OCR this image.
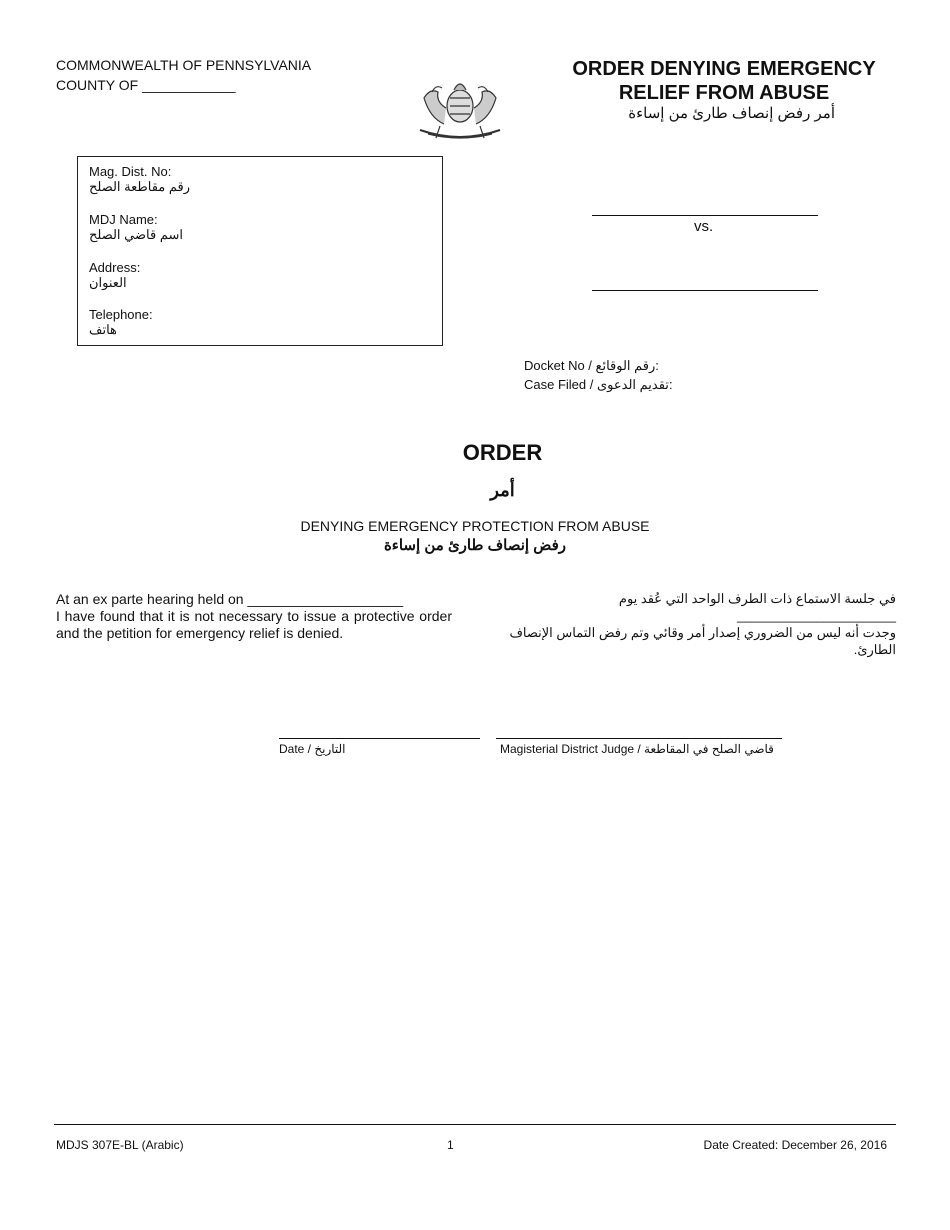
COMMONWEALTH OF PENNSYLVANIA
COUNTY OF ____________
ORDER DENYING EMERGENCY
RELIEF FROM ABUSE
أمر رفض إنصاف طارئ من إساءة
Mag. Dist. No:
رقم مقاطعة الصلح
MDJ Name:
اسم قاضي الصلح
Address:
العنوان
Telephone:
هاتف
vs.
Docket No / رقم الوقائع:
Case Filed / تقديم الدعوى:
ORDER
أمر
DENYING EMERGENCY PROTECTION FROM ABUSE
رفض إنصاف طارئ من إساءة
At an ex parte hearing held on ____________________
I have found that it is not necessary to issue a protective order and the petition for emergency relief is denied.
في جلسة الاستماع ذات الطرف الواحد التي عُقد يوم ______________________
وجدت أنه ليس من الضروري إصدار أمر وقائي وتم رفض التماس الإنصاف الطارئ.
Date / التاريخ	Magisterial District Judge / قاضي الصلح في المقاطعة
MDJS 307E-BL (Arabic)	1	Date Created: December 26, 2016
